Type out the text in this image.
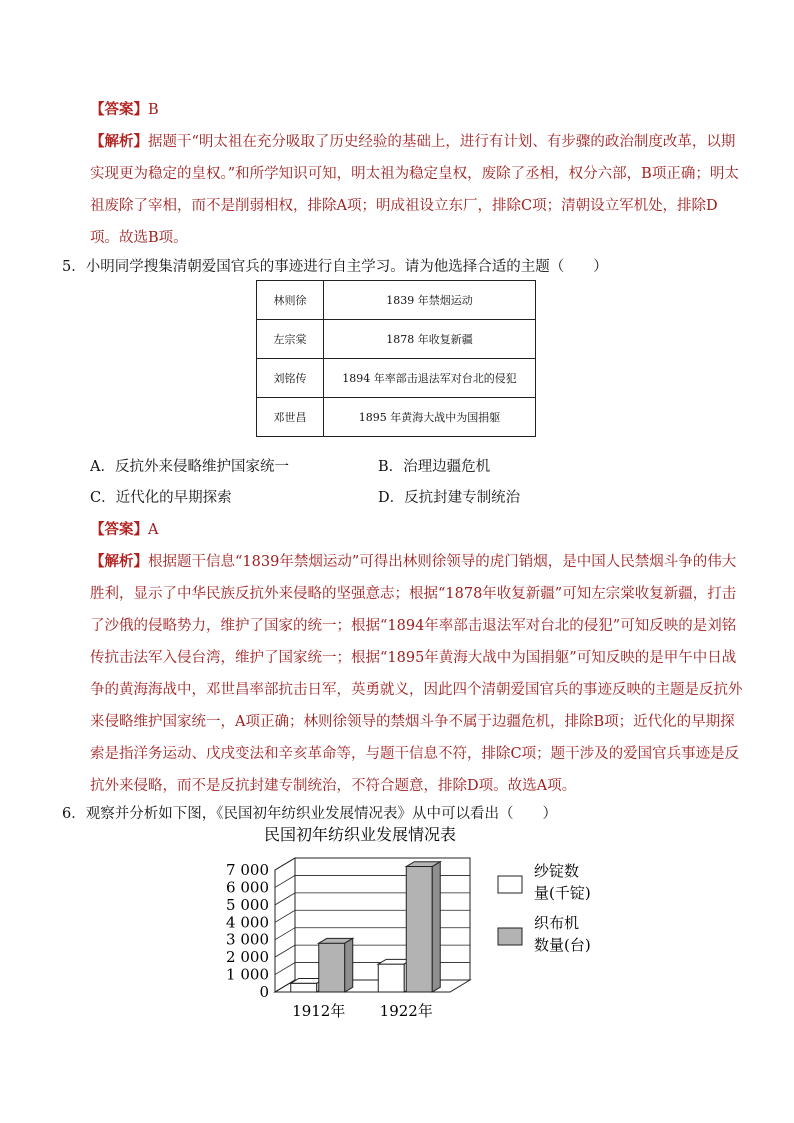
【答案】B
【解析】据题干“明太祖在充分吸取了历史经验的基础上，进行有计划、有步骤的政治制度改革，以期
实现更为稳定的皇权。”和所学知识可知，明太祖为稳定皇权，废除了丞相，权分六部，B项正确；明太
祖废除了宰相，而不是削弱相权，排除A项；明成祖设立东厂，排除C项；清朝设立军机处，排除D
项。故选B项。
5．小明同学搜集清朝爱国官兵的事迹进行自主学习。请为他选择合适的主题（　　）
林则徐	1839 年禁烟运动
左宗棠	1878 年收复新疆
刘铭传	1894 年率部击退法军对台北的侵犯
邓世昌	1895 年黄海大战中为国捐躯
A．反抗外来侵略维护国家统一	B．治理边疆危机
C．近代化的早期探索	D．反抗封建专制统治
【答案】A
【解析】根据题干信息“1839年禁烟运动”可得出林则徐领导的虎门销烟，是中国人民禁烟斗争的伟大
胜利，显示了中华民族反抗外来侵略的坚强意志；根据“1878年收复新疆”可知左宗棠收复新疆，打击
了沙俄的侵略势力，维护了国家的统一；根据“1894年率部击退法军对台北的侵犯”可知反映的是刘铭
传抗击法军入侵台湾，维护了国家统一；根据“1895年黄海大战中为国捐躯”可知反映的是甲午中日战
争的黄海海战中，邓世昌率部抗击日军，英勇就义，因此四个清朝爱国官兵的事迹反映的主题是反抗外
来侵略维护国家统一，A项正确；林则徐领导的禁烟斗争不属于边疆危机，排除B项；近代化的早期探
索是指洋务运动、戊戌变法和辛亥革命等，与题干信息不符，排除C项；题干涉及的爱国官兵事迹是反
抗外来侵略，而不是反抗封建专制统治，不符合题意，排除D项。故选A项。
6．观察并分析如下图，《民国初年纺织业发展情况表》从中可以看出（　　）
民国初年纺织业发展情况表
0
1 000
2 000
3 000
4 000
5 000
6 000
7 000
1912年 1922年
纱锭数
量(千锭)
织布机
数量(台)
